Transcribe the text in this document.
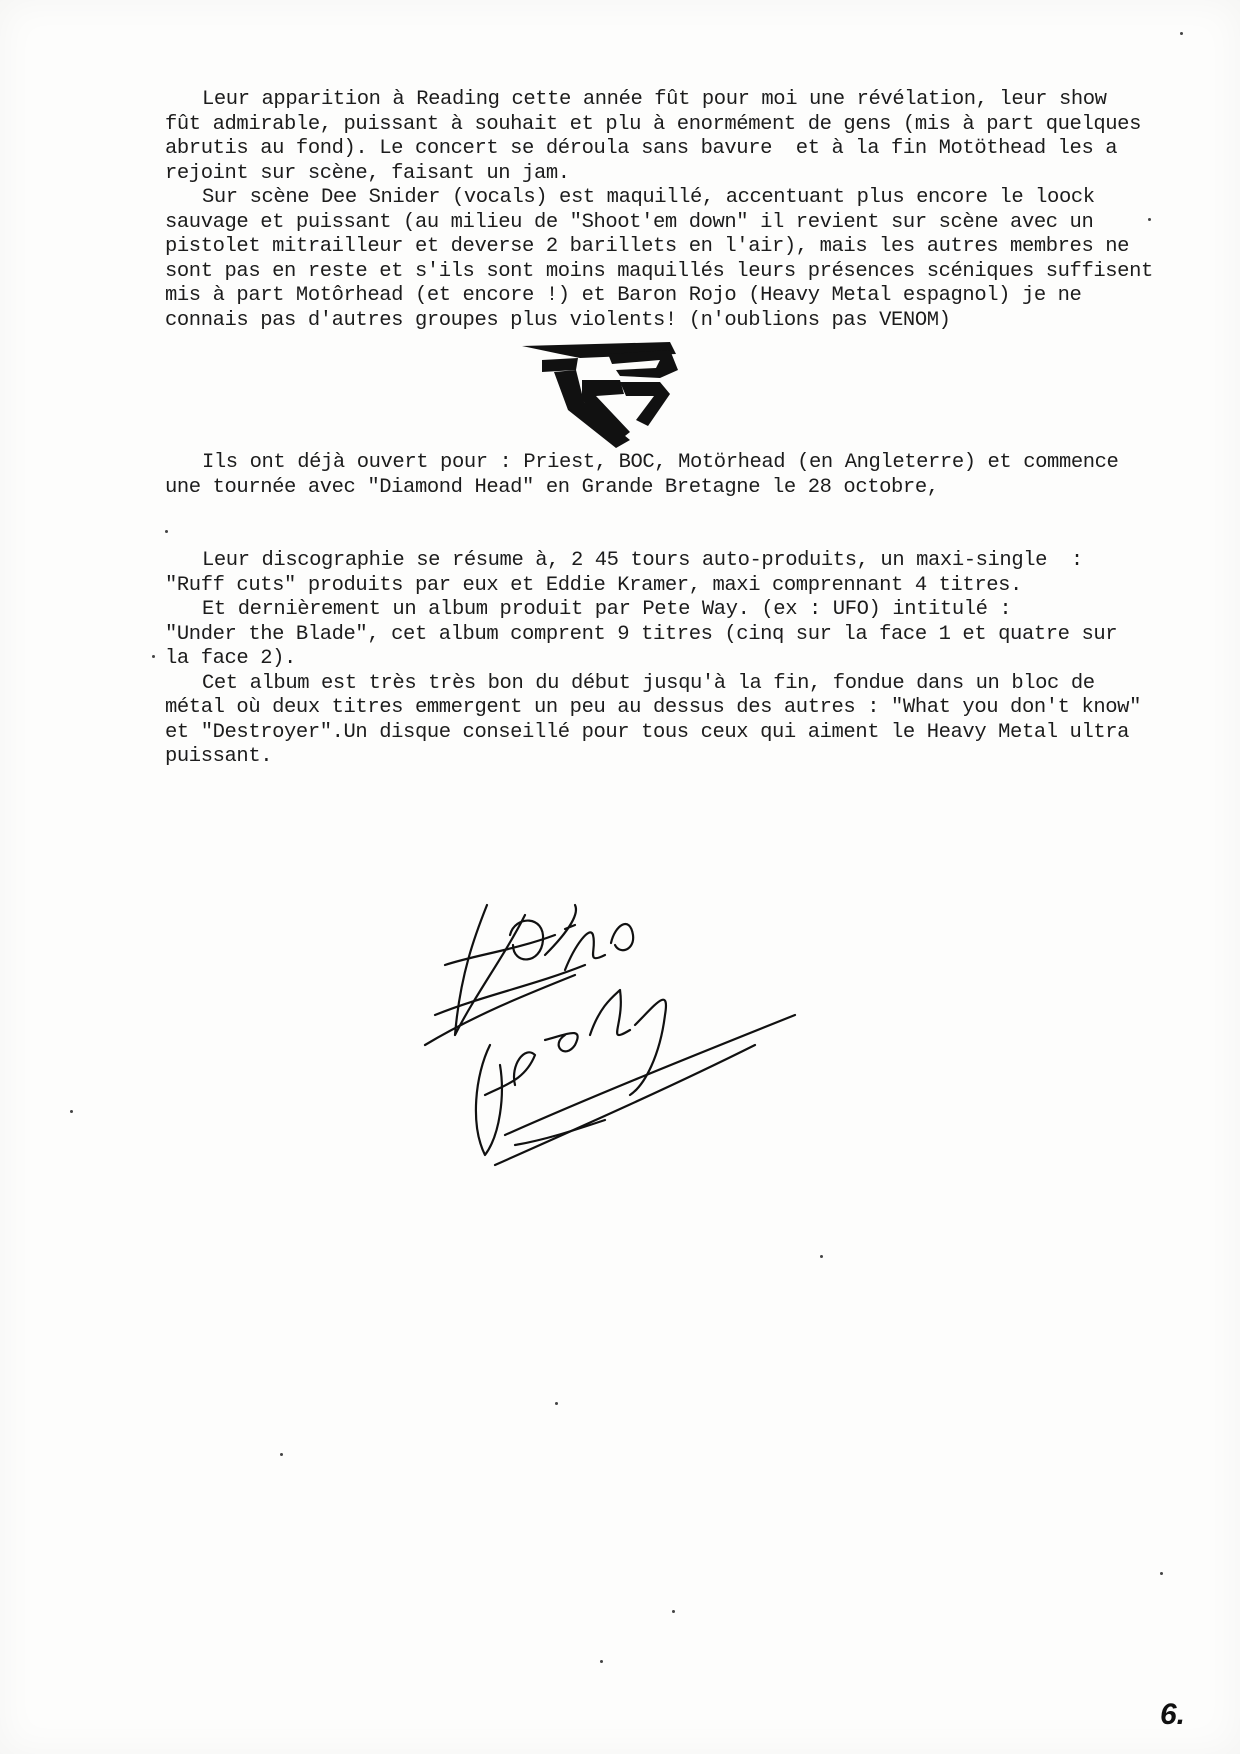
Leur apparition à Reading cette année fût pour moi une révélation, leur show

fût admirable, puissant à souhait et plu à enormément de gens (mis à part quelques

abrutis au fond). Le concert se déroula sans bavure  et à la fin Motöthead les a

rejoint sur scène, faisant un jam.

Sur scène Dee Snider (vocals) est maquillé, accentuant plus encore le loock

sauvage et puissant (au milieu de "Shoot'em down" il revient sur scène avec un

pistolet mitrailleur et deverse 2 barillets en l'air), mais les autres membres ne

sont pas en reste et s'ils sont moins maquillés leurs présences scéniques suffisent

mis à part Motôrhead (et encore !) et Baron Rojo (Heavy Metal espagnol) je ne

connais pas d'autres groupes plus violents! (n'oublions pas VENOM)

Ils ont déjà ouvert pour : Priest, BOC, Motörhead (en Angleterre) et commence

une tournée avec "Diamond Head" en Grande Bretagne le 28 octobre,

Leur discographie se résume à, 2 45 tours auto-produits, un maxi-single  :

"Ruff cuts" produits par eux et Eddie Kramer, maxi comprennant 4 titres.

Et dernièrement un album produit par Pete Way. (ex : UFO) intitulé :

"Under the Blade", cet album comprent 9 titres (cinq sur la face 1 et quatre sur

la face 2).

Cet album est très très bon du début jusqu'à la fin, fondue dans un bloc de

métal où deux titres emmergent un peu au dessus des autres : "What you don't know"

et "Destroyer".Un disque conseillé pour tous ceux qui aiment le Heavy Metal ultra

puissant.

6.
